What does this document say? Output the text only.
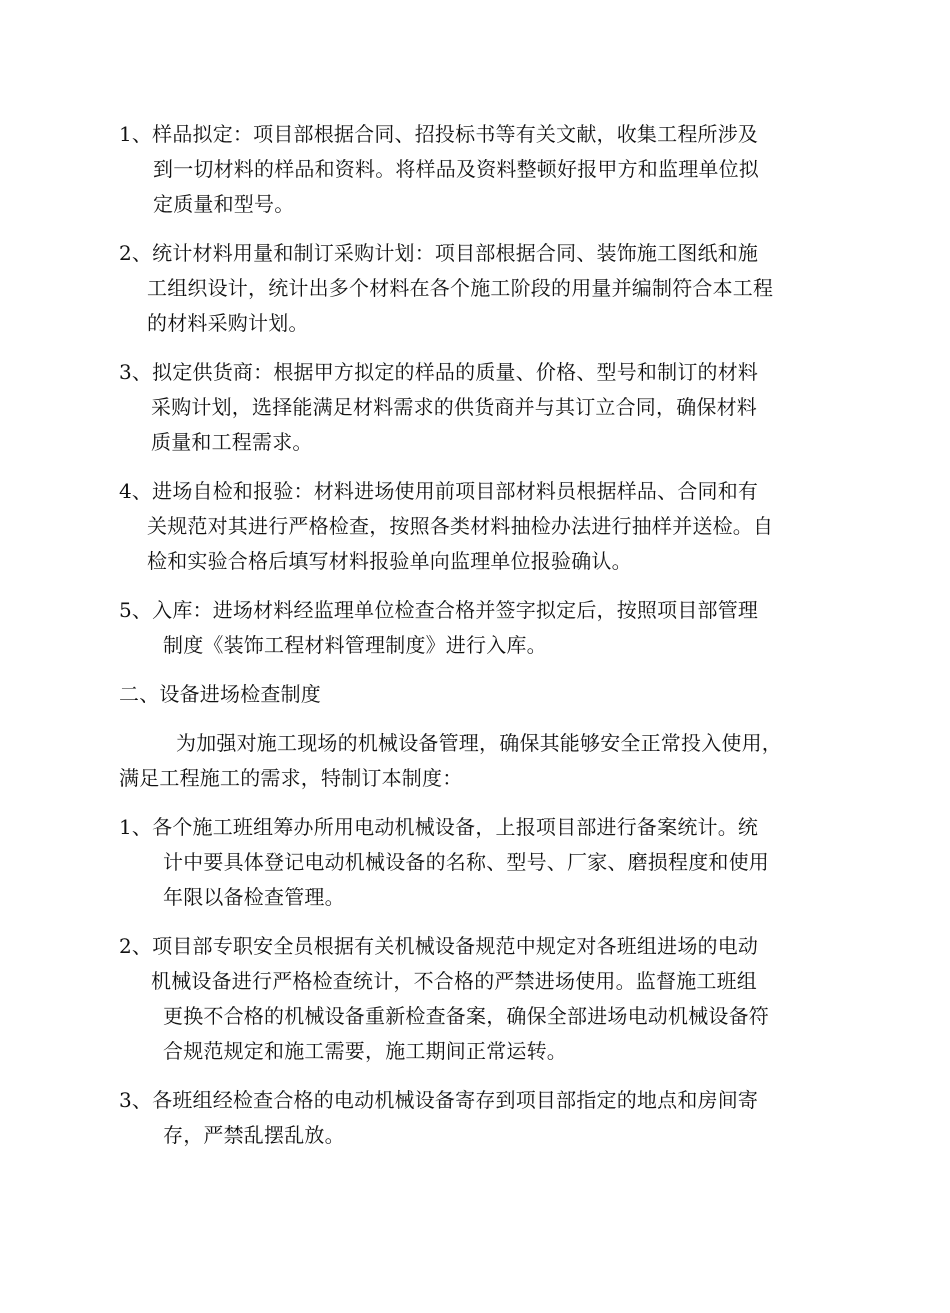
1、样品拟定：项目部根据合同、招投标书等有关文献，收集工程所涉及
到一切材料的样品和资料。将样品及资料整顿好报甲方和监理单位拟
定质量和型号。
2、统计材料用量和制订采购计划：项目部根据合同、装饰施工图纸和施
工组织设计，统计出多个材料在各个施工阶段的用量并编制符合本工程
的材料采购计划。
3、拟定供货商：根据甲方拟定的样品的质量、价格、型号和制订的材料
采购计划，选择能满足材料需求的供货商并与其订立合同，确保材料
质量和工程需求。
4、进场自检和报验：材料进场使用前项目部材料员根据样品、合同和有
关规范对其进行严格检查，按照各类材料抽检办法进行抽样并送检。自
检和实验合格后填写材料报验单向监理单位报验确认。
5、入库：进场材料经监理单位检查合格并签字拟定后，按照项目部管理
制度《装饰工程材料管理制度》进行入库。
二、设备进场检查制度
为加强对施工现场的机械设备管理，确保其能够安全正常投入使用，
满足工程施工的需求，特制订本制度：
1、各个施工班组筹办所用电动机械设备，上报项目部进行备案统计。统
计中要具体登记电动机械设备的名称、型号、厂家、磨损程度和使用
年限以备检查管理。
2、项目部专职安全员根据有关机械设备规范中规定对各班组进场的电动
机械设备进行严格检查统计，不合格的严禁进场使用。监督施工班组
更换不合格的机械设备重新检查备案，确保全部进场电动机械设备符
合规范规定和施工需要，施工期间正常运转。
3、各班组经检查合格的电动机械设备寄存到项目部指定的地点和房间寄
存，严禁乱摆乱放。
